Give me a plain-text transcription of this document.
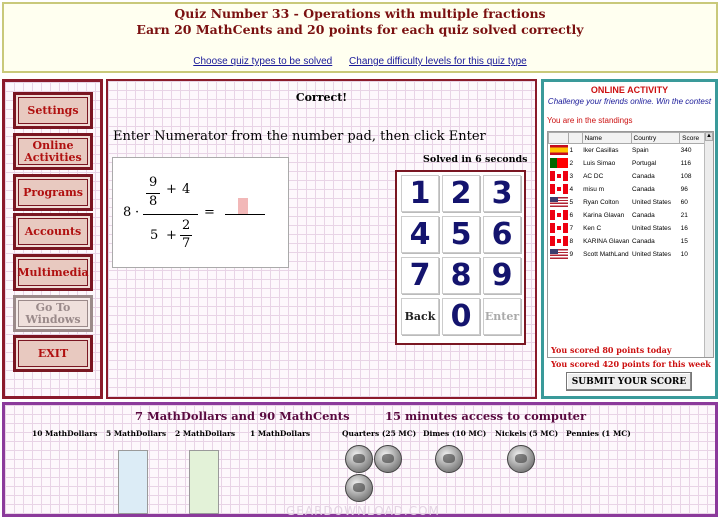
Quiz Number 33 - Operations with multiple fractions
Earn 20 MathCents and 20 points for each quiz solved correctly
Choose quiz types to be solved Change difficulty levels for this quiz type
Settings
Online Activities
Programs
Accounts
Multimedia
Go To Windows
EXIT
Correct!
Enter Numerator from the number pad, then click Enter
8 ·
9
8
+ 4
5 +
2
7
=
Solved in 6 seconds
1 2 3
4 5 6
7 8 9
Back 0	Enter
ONLINE ACTIVITY
Challenge your friends online. Win the contest
You are in the standings
		Name	Country	Score
	1	Iker Casillas	Spain	340
	2	Luis Simao	Portugal	116
	3	AC DC	Canada	108
	4	misu m	Canada	96
	5	Ryan Colton	United States	60
	6	Karina Glavan	Canada	21
	7	Ken C	United States	16
	8	KARINA Glavan	Canada	15
	9	Scott MathLand	United States	10
▲
You scored 80 points today
You scored 420 points for this week
SUBMIT YOUR SCORE
7 MathDollars and 90 MathCents	15 minutes access to computer
10 MathDollars 5 MathDollars 2 MathDollars 1 MathDollars	Quarters (25 MC) Dimes (10 MC) Nickels (5 MC) Pennies (1 MC)
GEARDOWNLOAD.COM
